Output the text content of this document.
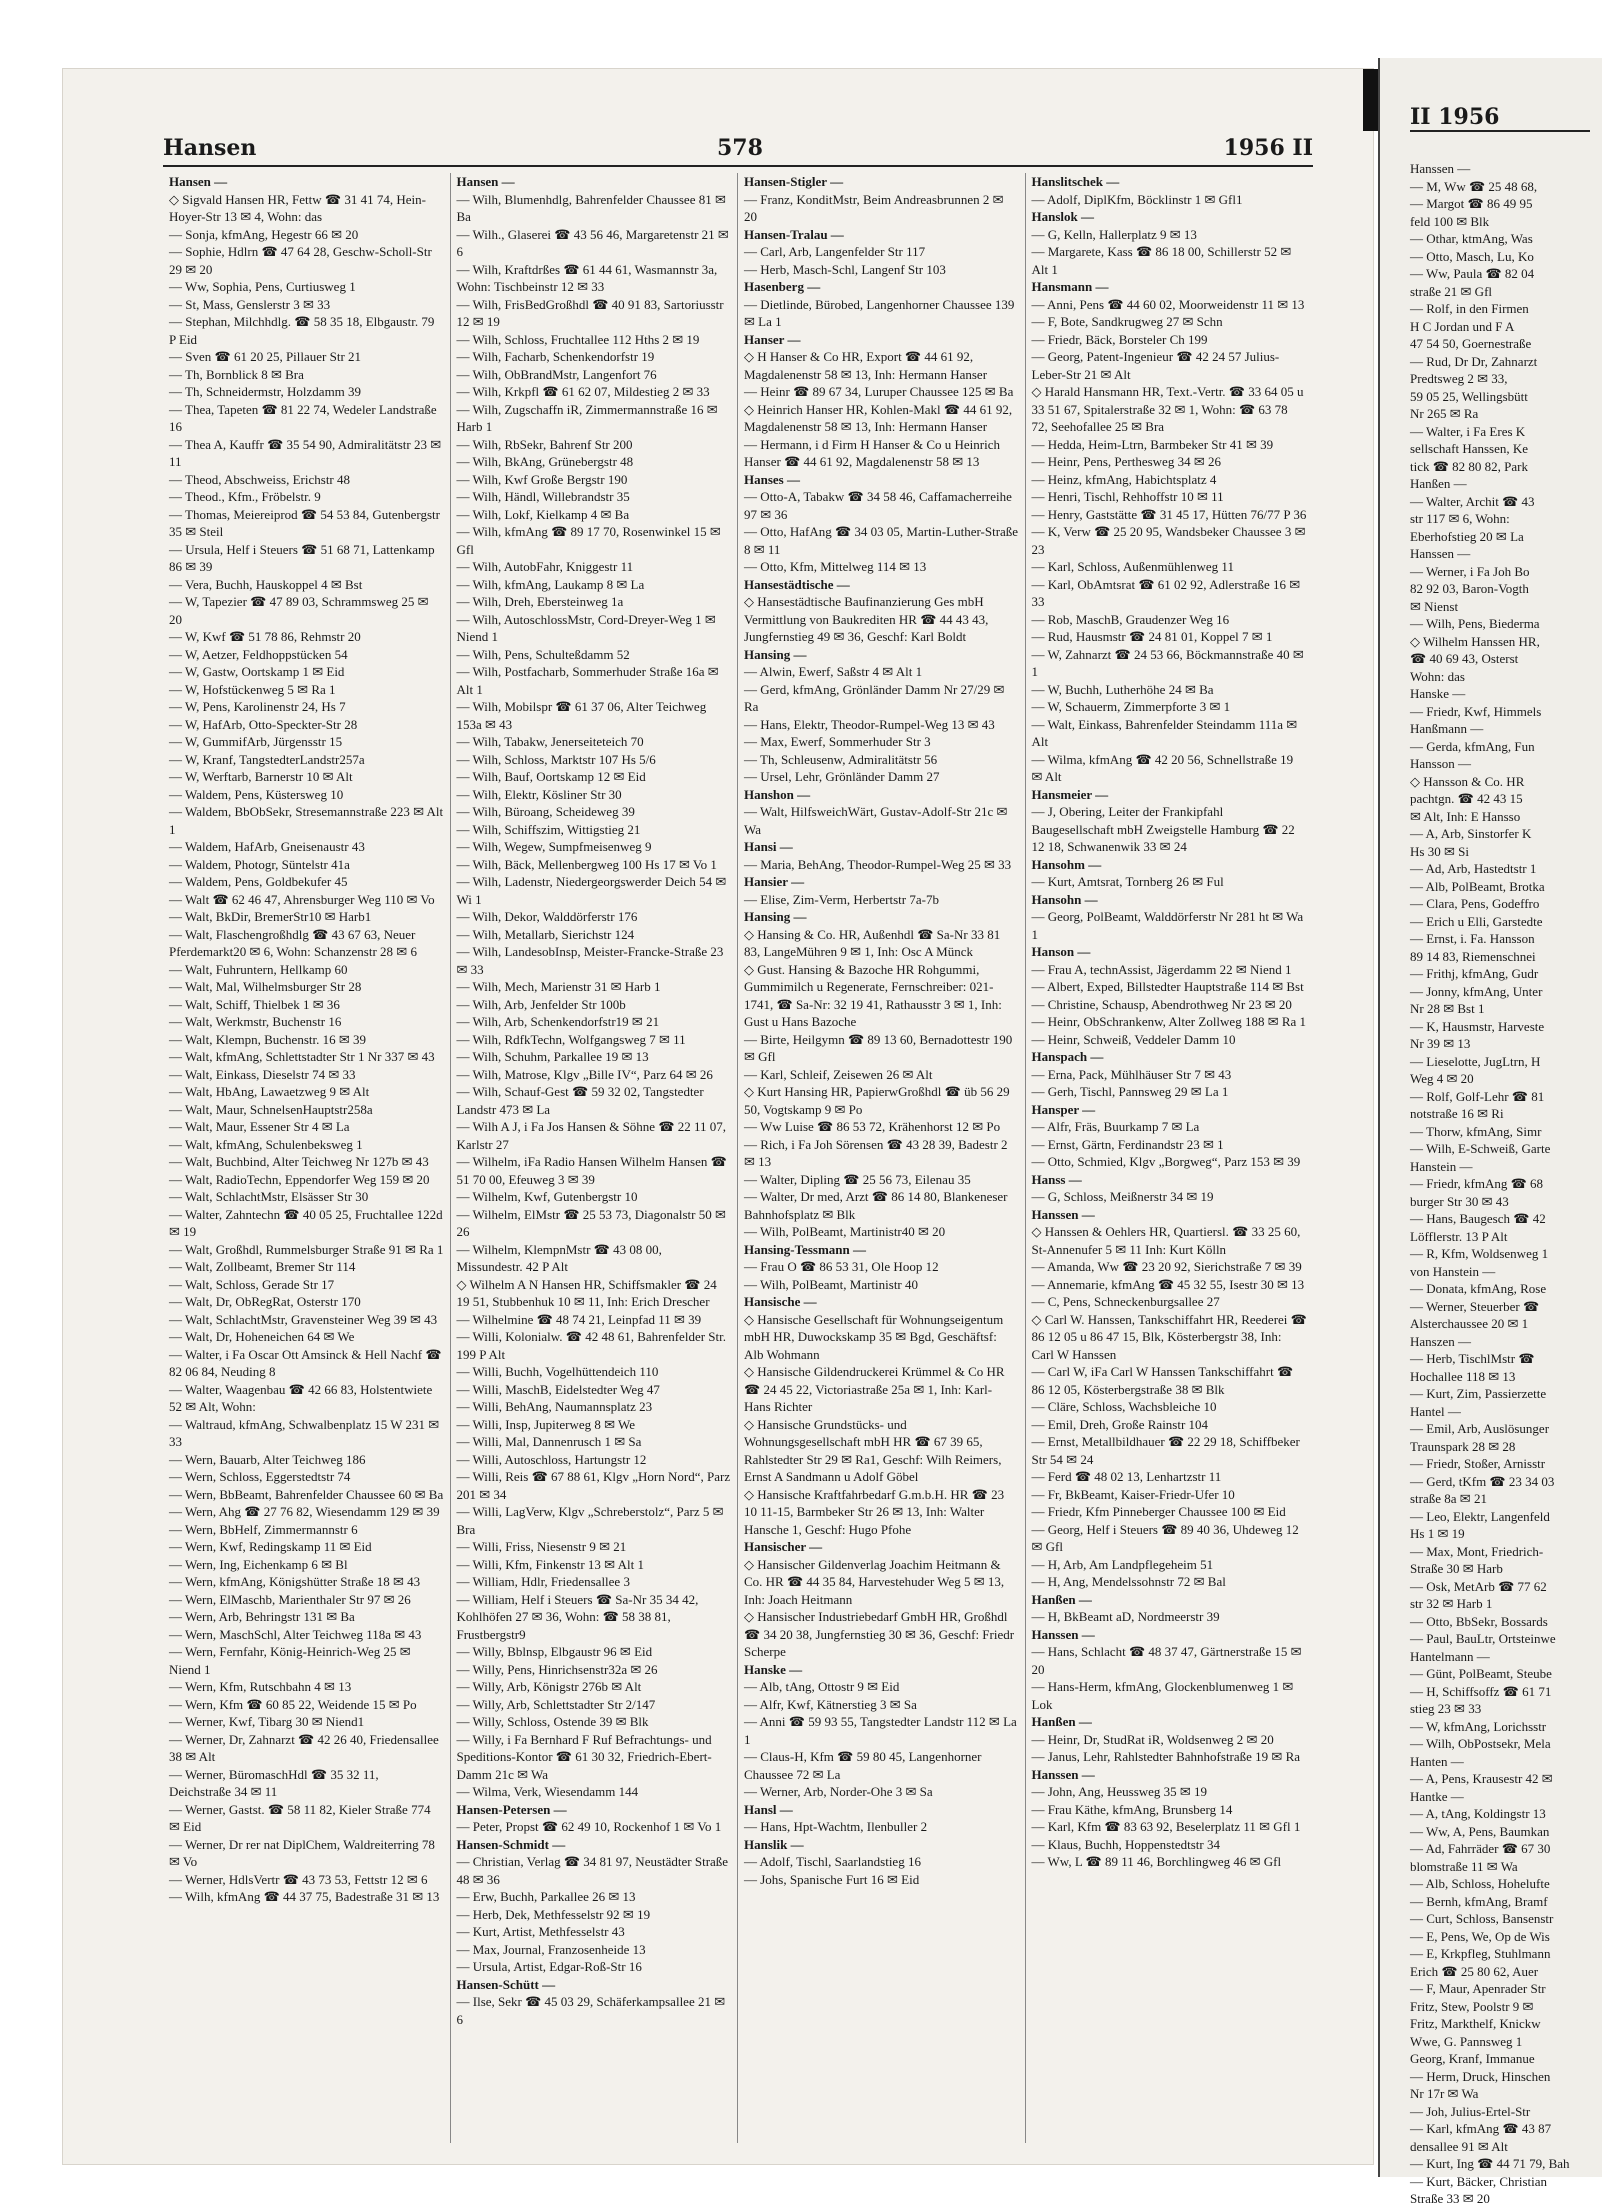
Hansen	578	1956 II
Hansen —
◇ Sigvald Hansen HR, Fettw ☎ 31 41 74, Hein-Hoyer-Str 13 ✉ 4, Wohn: das
— Sonja, kfmAng, Hegestr 66 ✉ 20
— Sophie, Hdlrn ☎ 47 64 28, Geschw-Scholl-Str 29 ✉ 20
— Ww, Sophia, Pens, Curtiusweg 1
— St, Mass, Genslerstr 3 ✉ 33
— Stephan, Milchhdlg. ☎ 58 35 18, Elbgaustr. 79 P Eid
— Sven ☎ 61 20 25, Pillauer Str 21
— Th, Bornblick 8 ✉ Bra
— Th, Schneidermstr, Holzdamm 39
— Thea, Tapeten ☎ 81 22 74, Wedeler Landstraße 16
— Thea A, Kauffr ☎ 35 54 90, Admiralitätstr 23 ✉ 11
— Theod, Abschweiss, Erichstr 48
— Theod., Kfm., Fröbelstr. 9
— Thomas, Meiereiprod ☎ 54 53 84, Gutenbergstr 35 ✉ Steil
— Ursula, Helf i Steuers ☎ 51 68 71, Lattenkamp 86 ✉ 39
— Vera, Buchh, Hauskoppel 4 ✉ Bst
— W, Tapezier ☎ 47 89 03, Schrammsweg 25 ✉ 20
— W, Kwf ☎ 51 78 86, Rehmstr 20
— W, Aetzer, Feldhoppstücken 54
— W, Gastw, Oortskamp 1 ✉ Eid
— W, Hofstückenweg 5 ✉ Ra 1
— W, Pens, Karolinenstr 24, Hs 7
— W, HafArb, Otto-Speckter-Str 28
— W, GummifArb, Jürgensstr 15
— W, Kranf, TangstedterLandstr257a
— W, Werftarb, Barnerstr 10 ✉ Alt
— Waldem, Pens, Küstersweg 10
— Waldem, BbObSekr, Stresemannstraße 223 ✉ Alt 1
— Waldem, HafArb, Gneisenaustr 43
— Waldem, Photogr, Süntelstr 41a
— Waldem, Pens, Goldbekufer 45
— Walt ☎ 62 46 47, Ahrensburger Weg 110 ✉ Vo
— Walt, BkDir, BremerStr10 ✉ Harb1
— Walt, Flaschengroßhdlg ☎ 43 67 63, Neuer Pferdemarkt20 ✉ 6, Wohn: Schanzenstr 28 ✉ 6
— Walt, Fuhruntern, Hellkamp 60
— Walt, Mal, Wilhelmsburger Str 28
— Walt, Schiff, Thielbek 1 ✉ 36
— Walt, Werkmstr, Buchenstr 16
— Walt, Klempn, Buchenstr. 16 ✉ 39
— Walt, kfmAng, Schlettstadter Str 1 Nr 337 ✉ 43
— Walt, Einkass, Dieselstr 74 ✉ 33
— Walt, HbAng, Lawaetzweg 9 ✉ Alt
— Walt, Maur, SchnelsenHauptstr258a
— Walt, Maur, Essener Str 4 ✉ La
— Walt, kfmAng, Schulenbeksweg 1
— Walt, Buchbind, Alter Teichweg Nr 127b ✉ 43
— Walt, RadioTechn, Eppendorfer Weg 159 ✉ 20
— Walt, SchlachtMstr, Elsässer Str 30
— Walter, Zahntechn ☎ 40 05 25, Fruchtallee 122d ✉ 19
— Walt, Großhdl, Rummelsburger Straße 91 ✉ Ra 1
— Walt, Zollbeamt, Bremer Str 114
— Walt, Schloss, Gerade Str 17
— Walt, Dr, ObRegRat, Osterstr 170
— Walt, SchlachtMstr, Gravensteiner Weg 39 ✉ 43
— Walt, Dr, Hoheneichen 64 ✉ We
— Walter, i Fa Oscar Ott Amsinck & Hell Nachf ☎ 82 06 84, Neuding 8
— Walter, Waagenbau ☎ 42 66 83, Holstentwiete 52 ✉ Alt, Wohn:
— Waltraud, kfmAng, Schwalbenplatz 15 W 231 ✉ 33
— Wern, Bauarb, Alter Teichweg 186
— Wern, Schloss, Eggerstedtstr 74
— Wern, BbBeamt, Bahrenfelder Chaussee 60 ✉ Ba
— Wern, Ahg ☎ 27 76 82, Wiesendamm 129 ✉ 39
— Wern, BbHelf, Zimmermannstr 6
— Wern, Kwf, Redingskamp 11 ✉ Eid
— Wern, Ing, Eichenkamp 6 ✉ Bl
— Wern, kfmAng, Königshütter Straße 18 ✉ 43
— Wern, ElMaschb, Marienthaler Str 97 ✉ 26
— Wern, Arb, Behringstr 131 ✉ Ba
— Wern, MaschSchl, Alter Teichweg 118a ✉ 43
— Wern, Fernfahr, König-Heinrich-Weg 25 ✉ Niend 1
— Wern, Kfm, Rutschbahn 4 ✉ 13
— Wern, Kfm ☎ 60 85 22, Weidende 15 ✉ Po
— Werner, Kwf, Tibarg 30 ✉ Niend1
— Werner, Dr, Zahnarzt ☎ 42 26 40, Friedensallee 38 ✉ Alt
— Werner, BüromaschHdl ☎ 35 32 11, Deichstraße 34 ✉ 11
— Werner, Gastst. ☎ 58 11 82, Kieler Straße 774 ✉ Eid
— Werner, Dr rer nat DiplChem, Waldreiterring 78 ✉ Vo
— Werner, HdlsVertr ☎ 43 73 53, Fettstr 12 ✉ 6
— Wilh, kfmAng ☎ 44 37 75, Badestraße 31 ✉ 13
Hansen —
— Wilh, Blumenhdlg, Bahrenfelder Chaussee 81 ✉ Ba
— Wilh., Glaserei ☎ 43 56 46, Margaretenstr 21 ✉ 6
— Wilh, Kraftdrßes ☎ 61 44 61, Wasmannstr 3a, Wohn: Tischbeinstr 12 ✉ 33
— Wilh, FrisBedGroßhdl ☎ 40 91 83, Sartoriusstr 12 ✉ 19
— Wilh, Schloss, Fruchtallee 112 Hths 2 ✉ 19
— Wilh, Facharb, Schenkendorfstr 19
— Wilh, ObBrandMstr, Langenfort 76
— Wilh, Krkpfl ☎ 61 62 07, Mildestieg 2 ✉ 33
— Wilh, Zugschaffn iR, Zimmermannstraße 16 ✉ Harb 1
— Wilh, RbSekr, Bahrenf Str 200
— Wilh, BkAng, Grünebergstr 48
— Wilh, Kwf Große Bergstr 190
— Wilh, Händl, Willebrandstr 35
— Wilh, Lokf, Kielkamp 4 ✉ Ba
— Wilh, kfmAng ☎ 89 17 70, Rosenwinkel 15 ✉ Gfl
— Wilh, AutobFahr, Kniggestr 11
— Wilh, kfmAng, Laukamp 8 ✉ La
— Wilh, Dreh, Ebersteinweg 1a
— Wilh, AutoschlossMstr, Cord-Dreyer-Weg 1 ✉ Niend 1
— Wilh, Pens, Schulteßdamm 52
— Wilh, Postfacharb, Sommerhuder Straße 16a ✉ Alt 1
— Wilh, Mobilspr ☎ 61 37 06, Alter Teichweg 153a ✉ 43
— Wilh, Tabakw, Jenerseiteteich 70
— Wilh, Schloss, Marktstr 107 Hs 5/6
— Wilh, Bauf, Oortskamp 12 ✉ Eid
— Wilh, Elektr, Kösliner Str 30
— Wilh, Büroang, Scheideweg 39
— Wilh, Schiffszim, Wittigstieg 21
— Wilh, Wegew, Sumpfmeisenweg 9
— Wilh, Bäck, Mellenbergweg 100 Hs 17 ✉ Vo 1
— Wilh, Ladenstr, Niedergeorgswerder Deich 54 ✉ Wi 1
— Wilh, Dekor, Walddörferstr 176
— Wilh, Metallarb, Sierichstr 124
— Wilh, LandesobInsp, Meister-Francke-Straße 23 ✉ 33
— Wilh, Mech, Marienstr 31 ✉ Harb 1
— Wilh, Arb, Jenfelder Str 100b
— Wilh, Arb, Schenkendorfstr19 ✉ 21
— Wilh, RdfkTechn, Wolfgangsweg 7 ✉ 11
— Wilh, Schuhm, Parkallee 19 ✉ 13
— Wilh, Matrose, Klgv „Bille IV“, Parz 64 ✉ 26
— Wilh, Schauf-Gest ☎ 59 32 02, Tangstedter Landstr 473 ✉ La
— Wilh A J, i Fa Jos Hansen & Söhne ☎ 22 11 07, Karlstr 27
— Wilhelm, iFa Radio Hansen Wilhelm Hansen ☎ 51 70 00, Efeuweg 3 ✉ 39
— Wilhelm, Kwf, Gutenbergstr 10
— Wilhelm, ElMstr ☎ 25 53 73, Diagonalstr 50 ✉ 26
— Wilhelm, KlempnMstr ☎ 43 08 00, Missundestr. 42 P Alt
◇ Wilhelm A N Hansen HR, Schiffsmakler ☎ 24 19 51, Stubbenhuk 10 ✉ 11, Inh: Erich Drescher
— Wilhelmine ☎ 48 74 21, Leinpfad 11 ✉ 39
— Willi, Kolonialw. ☎ 42 48 61, Bahrenfelder Str. 199 P Alt
— Willi, Buchh, Vogelhüttendeich 110
— Willi, MaschB, Eidelstedter Weg 47
— Willi, BehAng, Naumannsplatz 23
— Willi, Insp, Jupiterweg 8 ✉ We
— Willi, Mal, Dannenrusch 1 ✉ Sa
— Willi, Autoschloss, Hartungstr 12
— Willi, Reis ☎ 67 88 61, Klgv „Horn Nord“, Parz 201 ✉ 34
— Willi, LagVerw, Klgv „Schreberstolz“, Parz 5 ✉ Bra
— Willi, Friss, Niesenstr 9 ✉ 21
— Willi, Kfm, Finkenstr 13 ✉ Alt 1
— William, Hdlr, Friedensallee 3
— William, Helf i Steuers ☎ Sa-Nr 35 34 42, Kohlhöfen 27 ✉ 36, Wohn: ☎ 58 38 81, Frustbergstr9
— Willy, Bblnsp, Elbgaustr 96 ✉ Eid
— Willy, Pens, Hinrichsenstr32a ✉ 26
— Willy, Arb, Königstr 276b ✉ Alt
— Willy, Arb, Schlettstadter Str 2/147
— Willy, Schloss, Ostende 39 ✉ Blk
— Willy, i Fa Bernhard F Ruf Befrachtungs- und Speditions-Kontor ☎ 61 30 32, Friedrich-Ebert-Damm 21c ✉ Wa
— Wilma, Verk, Wiesendamm 144
Hansen-Petersen —
— Peter, Propst ☎ 62 49 10, Rockenhof 1 ✉ Vo 1
Hansen-Schmidt —
— Christian, Verlag ☎ 34 81 97, Neustädter Straße 48 ✉ 36
— Erw, Buchh, Parkallee 26 ✉ 13
— Herb, Dek, Methfesselstr 92 ✉ 19
— Kurt, Artist, Methfesselstr 43
— Max, Journal, Franzosenheide 13
— Ursula, Artist, Edgar-Roß-Str 16
Hansen-Schütt —
— Ilse, Sekr ☎ 45 03 29, Schäferkampsallee 21 ✉ 6
Hansen-Stigler —
— Franz, KonditMstr, Beim Andreasbrunnen 2 ✉ 20
Hansen-Tralau —
— Carl, Arb, Langenfelder Str 117
— Herb, Masch-Schl, Langenf Str 103
Hasenberg —
— Dietlinde, Bürobed, Langenhorner Chaussee 139 ✉ La 1
Hanser —
◇ H Hanser & Co HR, Export ☎ 44 61 92, Magdalenenstr 58 ✉ 13, Inh: Hermann Hanser
— Heinr ☎ 89 67 34, Luruper Chaussee 125 ✉ Ba
◇ Heinrich Hanser HR, Kohlen-Makl ☎ 44 61 92, Magdalenenstr 58 ✉ 13, Inh: Hermann Hanser
— Hermann, i d Firm H Hanser & Co u Heinrich Hanser ☎ 44 61 92, Magdalenenstr 58 ✉ 13
Hanses —
— Otto-A, Tabakw ☎ 34 58 46, Caffamacherreihe 97 ✉ 36
— Otto, HafAng ☎ 34 03 05, Martin-Luther-Straße 8 ✉ 11
— Otto, Kfm, Mittelweg 114 ✉ 13
Hansestädtische —
◇ Hansestädtische Baufinanzierung Ges mbH Vermittlung von Baukrediten HR ☎ 44 43 43, Jungfernstieg 49 ✉ 36, Geschf: Karl Boldt
Hansing —
— Alwin, Ewerf, Saßstr 4 ✉ Alt 1
— Gerd, kfmAng, Grönländer Damm Nr 27/29 ✉ Ra
— Hans, Elektr, Theodor-Rumpel-Weg 13 ✉ 43
— Max, Ewerf, Sommerhuder Str 3
— Th, Schleusenw, Admiralitätstr 56
— Ursel, Lehr, Grönländer Damm 27
Hanshon —
— Walt, HilfsweichWärt, Gustav-Adolf-Str 21c ✉ Wa
Hansi —
— Maria, BehAng, Theodor-Rumpel-Weg 25 ✉ 33
Hansier —
— Elise, Zim-Verm, Herbertstr 7a-7b
Hansing —
◇ Hansing & Co. HR, Außenhdl ☎ Sa-Nr 33 81 83, LangeMühren 9 ✉ 1, Inh: Osc A Münck
◇ Gust. Hansing & Bazoche HR Rohgummi, Gummimilch u Regenerate, Fernschreiber: 021-1741, ☎ Sa-Nr: 32 19 41, Rathausstr 3 ✉ 1, Inh: Gust u Hans Bazoche
— Birte, Heilgymn ☎ 89 13 60, Bernadottestr 190 ✉ Gfl
— Karl, Schleif, Zeisewen 26 ✉ Alt
◇ Kurt Hansing HR, PapierwGroßhdl ☎ üb 56 29 50, Vogtskamp 9 ✉ Po
— Ww Luise ☎ 86 53 72, Krähenhorst 12 ✉ Po
— Rich, i Fa Joh Sörensen ☎ 43 28 39, Badestr 2 ✉ 13
— Walter, Dipling ☎ 25 56 73, Eilenau 35
— Walter, Dr med, Arzt ☎ 86 14 80, Blankeneser Bahnhofsplatz ✉ Blk
— Wilh, PolBeamt, Martinistr40 ✉ 20
Hansing-Tessmann —
— Frau O ☎ 86 53 31, Ole Hoop 12
— Wilh, PolBeamt, Martinistr 40
Hansische —
◇ Hansische Gesellschaft für Wohnungseigentum mbH HR, Duwockskamp 35 ✉ Bgd, Geschäftsf: Alb Wohmann
◇ Hansische Gildendruckerei Krümmel & Co HR ☎ 24 45 22, Victoriastraße 25a ✉ 1, Inh: Karl-Hans Richter
◇ Hansische Grundstücks- und Wohnungsgesellschaft mbH HR ☎ 67 39 65, Rahlstedter Str 29 ✉ Ra1, Geschf: Wilh Reimers, Ernst A Sandmann u Adolf Göbel
◇ Hansische Kraftfahrbedarf G.m.b.H. HR ☎ 23 10 11-15, Barmbeker Str 26 ✉ 13, Inh: Walter Hansche 1, Geschf: Hugo Pfohe
Hansischer —
◇ Hansischer Gildenverlag Joachim Heitmann & Co. HR ☎ 44 35 84, Harvestehuder Weg 5 ✉ 13, Inh: Joach Heitmann
◇ Hansischer Industriebedarf GmbH HR, Großhdl ☎ 34 20 38, Jungfernstieg 30 ✉ 36, Geschf: Friedr Scherpe
Hanske —
— Alb, tAng, Ottostr 9 ✉ Eid
— Alfr, Kwf, Kätnerstieg 3 ✉ Sa
— Anni ☎ 59 93 55, Tangstedter Landstr 112 ✉ La 1
— Claus-H, Kfm ☎ 59 80 45, Langenhorner Chaussee 72 ✉ La
— Werner, Arb, Norder-Ohe 3 ✉ Sa
Hansl —
— Hans, Hpt-Wachtm, Ilenbuller 2
Hanslik —
— Adolf, Tischl, Saarlandstieg 16
— Johs, Spanische Furt 16 ✉ Eid
Hanslitschek —
— Adolf, DiplKfm, Böcklinstr 1 ✉ Gfl1
Hanslok —
— G, Kelln, Hallerplatz 9 ✉ 13
— Margarete, Kass ☎ 86 18 00, Schillerstr 52 ✉ Alt 1
Hansmann —
— Anni, Pens ☎ 44 60 02, Moorweidenstr 11 ✉ 13
— F, Bote, Sandkrugweg 27 ✉ Schn
— Friedr, Bäck, Borsteler Ch 199
— Georg, Patent-Ingenieur ☎ 42 24 57 Julius-Leber-Str 21 ✉ Alt
◇ Harald Hansmann HR, Text.-Vertr. ☎ 33 64 05 u 33 51 67, Spitalerstraße 32 ✉ 1, Wohn: ☎ 63 78 72, Seehofallee 25 ✉ Bra
— Hedda, Heim-Ltrn, Barmbeker Str 41 ✉ 39
— Heinr, Pens, Perthesweg 34 ✉ 26
— Heinz, kfmAng, Habichtsplatz 4
— Henri, Tischl, Rehhoffstr 10 ✉ 11
— Henry, Gaststätte ☎ 31 45 17, Hütten 76/77 P 36
— K, Verw ☎ 25 20 95, Wandsbeker Chaussee 3 ✉ 23
— Karl, Schloss, Außenmühlenweg 11
— Karl, ObAmtsrat ☎ 61 02 92, Adlerstraße 16 ✉ 33
— Rob, MaschB, Graudenzer Weg 16
— Rud, Hausmstr ☎ 24 81 01, Koppel 7 ✉ 1
— W, Zahnarzt ☎ 24 53 66, Böckmannstraße 40 ✉ 1
— W, Buchh, Lutherhöhe 24 ✉ Ba
— W, Schauerm, Zimmerpforte 3 ✉ 1
— Walt, Einkass, Bahrenfelder Steindamm 111a ✉ Alt
— Wilma, kfmAng ☎ 42 20 56, Schnellstraße 19 ✉ Alt
Hansmeier —
— J, Obering, Leiter der Frankipfahl Baugesellschaft mbH Zweigstelle Hamburg ☎ 22 12 18, Schwanenwik 33 ✉ 24
Hansohm —
— Kurt, Amtsrat, Tornberg 26 ✉ Ful
Hansohn —
— Georg, PolBeamt, Walddörferstr Nr 281 ht ✉ Wa 1
Hanson —
— Frau A, technAssist, Jägerdamm 22 ✉ Niend 1
— Albert, Exped, Billstedter Hauptstraße 114 ✉ Bst
— Christine, Schausp, Abendrothweg Nr 23 ✉ 20
— Heinr, ObSchrankenw, Alter Zollweg 188 ✉ Ra 1
— Heinr, Schweiß, Veddeler Damm 10
Hanspach —
— Erna, Pack, Mühlhäuser Str 7 ✉ 43
— Gerh, Tischl, Pannsweg 29 ✉ La 1
Hansper —
— Alfr, Fräs, Buurkamp 7 ✉ La
— Ernst, Gärtn, Ferdinandstr 23 ✉ 1
— Otto, Schmied, Klgv „Borgweg“, Parz 153 ✉ 39
Hanss —
— G, Schloss, Meißnerstr 34 ✉ 19
Hanssen —
◇ Hanssen & Oehlers HR, Quartiersl. ☎ 33 25 60, St-Annenufer 5 ✉ 11 Inh: Kurt Kölln
— Amanda, Ww ☎ 23 20 92, Sierichstraße 7 ✉ 39
— Annemarie, kfmAng ☎ 45 32 55, Isestr 30 ✉ 13
— C, Pens, Schneckenburgsallee 27
◇ Carl W. Hanssen, Tankschiffahrt HR, Reederei ☎ 86 12 05 u 86 47 15, Blk, Kösterbergstr 38, Inh: Carl W Hanssen
— Carl W, iFa Carl W Hanssen Tankschiffahrt ☎ 86 12 05, Kösterbergstraße 38 ✉ Blk
— Cläre, Schloss, Wachsbleiche 10
— Emil, Dreh, Große Rainstr 104
— Ernst, Metallbildhauer ☎ 22 29 18, Schiffbeker Str 54 ✉ 24
— Ferd ☎ 48 02 13, Lenhartzstr 11
— Fr, BkBeamt, Kaiser-Friedr-Ufer 10
— Friedr, Kfm Pinneberger Chaussee 100 ✉ Eid
— Georg, Helf i Steuers ☎ 89 40 36, Uhdeweg 12 ✉ Gfl
— H, Arb, Am Landpflegeheim 51
— H, Ang, Mendelssohnstr 72 ✉ Bal
Hanßen —
— H, BkBeamt aD, Nordmeerstr 39
Hanssen —
— Hans, Schlacht ☎ 48 37 47, Gärtnerstraße 15 ✉ 20
— Hans-Herm, kfmAng, Glockenblumenweg 1 ✉ Lok
Hanßen —
— Heinr, Dr, StudRat iR, Woldsenweg 2 ✉ 20
— Janus, Lehr, Rahlstedter Bahnhofstraße 19 ✉ Ra
Hanssen —
— John, Ang, Heussweg 35 ✉ 19
— Frau Käthe, kfmAng, Brunsberg 14
— Karl, Kfm ☎ 83 63 92, Beselerplatz 11 ✉ Gfl 1
— Klaus, Buchh, Hoppenstedtstr 34
— Ww, L ☎ 89 11 46, Borchlingweg 46 ✉ Gfl
II 1956
Hanssen —
— M, Ww ☎ 25 48 68,
— Margot ☎ 86 49 95
feld 100 ✉ Blk
— Othar, ktmAng, Was
— Otto, Masch, Lu, Ko
— Ww, Paula ☎ 82 04
straße 21 ✉ Gfl
— Rolf, in den Firmen
H C Jordan und F A
47 54 50, Goernestraße
— Rud, Dr Dr, Zahnarzt
Predtsweg 2 ✉ 33,
59 05 25, Wellingsbütt
Nr 265 ✉ Ra
— Walter, i Fa Eres K
sellschaft Hanssen, Ke
tick ☎ 82 80 82, Park
Hanßen —
— Walter, Archit ☎ 43
str 117 ✉ 6, Wohn:
Eberhofstieg 20 ✉ La
Hanssen —
— Werner, i Fa Joh Bo
82 92 03, Baron-Vogth
✉ Nienst
— Wilh, Pens, Biederma
◇ Wilhelm Hanssen HR,
☎ 40 69 43, Osterst
Wohn: das
Hanske —
— Friedr, Kwf, Himmels
Hanßmann —
— Gerda, kfmAng, Fun
Hansson —
◇ Hansson & Co. HR
pachtgn. ☎ 42 43 15
✉ Alt, Inh: E Hansso
— A, Arb, Sinstorfer K
Hs 30 ✉ Si
— Ad, Arb, Hastedtstr 1
— Alb, PolBeamt, Brotka
— Clara, Pens, Godeffro
— Erich u Elli, Garstedte
— Ernst, i. Fa. Hansson
89 14 83, Riemenschnei
— Frithj, kfmAng, Gudr
— Jonny, kfmAng, Unter
Nr 28 ✉ Bst 1
— K, Hausmstr, Harveste
Nr 39 ✉ 13
— Lieselotte, JugLtrn, H
Weg 4 ✉ 20
— Rolf, Golf-Lehr ☎ 81
notstraße 16 ✉ Ri
— Thorw, kfmAng, Simr
— Wilh, E-Schweiß, Garte
Hanstein —
— Friedr, kfmAng ☎ 68
burger Str 30 ✉ 43
— Hans, Baugesch ☎ 42
Löfflerstr. 13 P Alt
— R, Kfm, Woldsenweg 1
von Hanstein —
— Donata, kfmAng, Rose
— Werner, Steuerber ☎
Alsterchaussee 20 ✉ 1
Hanszen —
— Herb, TischlMstr ☎
Hochallee 118 ✉ 13
— Kurt, Zim, Passierzette
Hantel —
— Emil, Arb, Auslösunger
Traunspark 28 ✉ 28
— Friedr, Stoßer, Arnisstr
— Gerd, tKfm ☎ 23 34 03
straße 8a ✉ 21
— Leo, Elektr, Langenfeld
Hs 1 ✉ 19
— Max, Mont, Friedrich-
Straße 30 ✉ Harb
— Osk, MetArb ☎ 77 62
str 32 ✉ Harb 1
— Otto, BbSekr, Bossards
— Paul, BauLtr, Ortsteinwe
Hantelmann —
— Günt, PolBeamt, Steube
— H, Schiffsoffz ☎ 61 71
stieg 23 ✉ 33
— W, kfmAng, Lorichsstr
— Wilh, ObPostsekr, Mela
Hanten —
— A, Pens, Krausestr 42 ✉
Hantke —
— A, tAng, Koldingstr 13
— Ww, A, Pens, Baumkan
— Ad, Fahrräder ☎ 67 30
blomstraße 11 ✉ Wa
— Alb, Schloss, Hohelufte
— Bernh, kfmAng, Bramf
— Curt, Schloss, Bansenstr
— E, Pens, We, Op de Wis
— E, Krkpfleg, Stuhlmann
Erich ☎ 25 80 62, Auer
— F, Maur, Apenrader Str
Fritz, Stew, Poolstr 9 ✉
Fritz, Markthelf, Knickw
Wwe, G. Pannsweg 1
Georg, Kranf, Immanue
— Herm, Druck, Hinschen
Nr 17r ✉ Wa
— Joh, Julius-Ertel-Str
— Karl, kfmAng ☎ 43 87
densallee 91 ✉ Alt
— Kurt, Ing ☎ 44 71 79, Bah
— Kurt, Bäcker, Christian
Straße 33 ✉ 20
